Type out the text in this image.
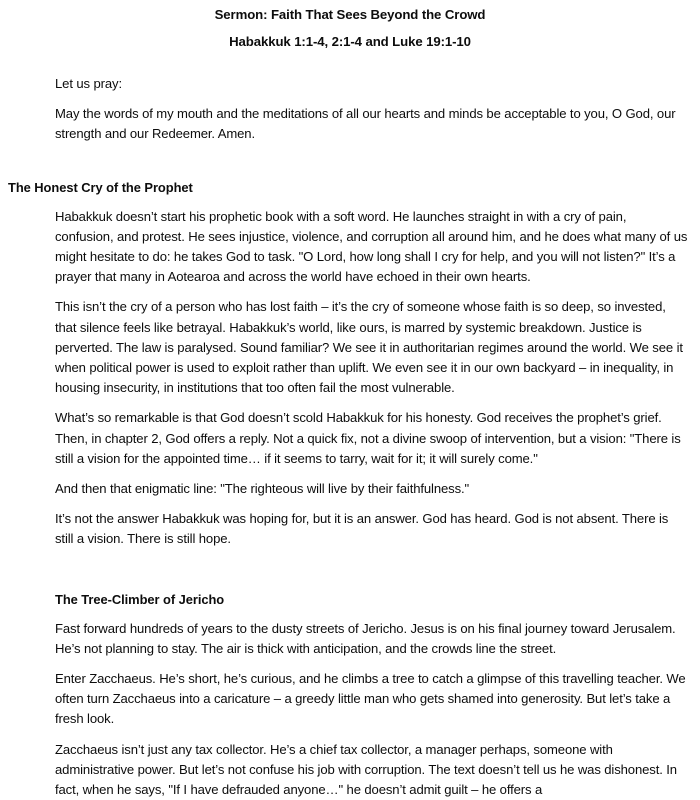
Sermon: Faith That Sees Beyond the Crowd
Habakkuk 1:1-4, 2:1-4 and Luke 19:1-10

Let us pray:

May the words of my mouth and the meditations of all our hearts and minds be acceptable to you, O God, our strength and our Redeemer. Amen.

The Honest Cry of the Prophet

Habakkuk doesn’t start his prophetic book with a soft word. He launches straight in with a cry of pain, confusion, and protest. He sees injustice, violence, and corruption all around him, and he does what many of us might hesitate to do: he takes God to task. "O Lord, how long shall I cry for help, and you will not listen?" It’s a prayer that many in Aotearoa and across the world have echoed in their own hearts.

This isn’t the cry of a person who has lost faith – it’s the cry of someone whose faith is so deep, so invested, that silence feels like betrayal. Habakkuk’s world, like ours, is marred by systemic breakdown. Justice is perverted. The law is paralysed. Sound familiar? We see it in authoritarian regimes around the world. We see it when political power is used to exploit rather than uplift. We even see it in our own backyard – in inequality, in housing insecurity, in institutions that too often fail the most vulnerable.

What’s so remarkable is that God doesn’t scold Habakkuk for his honesty. God receives the prophet’s grief. Then, in chapter 2, God offers a reply. Not a quick fix, not a divine swoop of intervention, but a vision: "There is still a vision for the appointed time… if it seems to tarry, wait for it; it will surely come."

And then that enigmatic line: "The righteous will live by their faithfulness."

It’s not the answer Habakkuk was hoping for, but it is an answer. God has heard. God is not absent. There is still a vision. There is still hope.

The Tree-Climber of Jericho

Fast forward hundreds of years to the dusty streets of Jericho. Jesus is on his final journey toward Jerusalem. He’s not planning to stay. The air is thick with anticipation, and the crowds line the street.

Enter Zacchaeus. He’s short, he’s curious, and he climbs a tree to catch a glimpse of this travelling teacher. We often turn Zacchaeus into a caricature – a greedy little man who gets shamed into generosity. But let’s take a fresh look.

Zacchaeus isn’t just any tax collector. He’s a chief tax collector, a manager perhaps, someone with administrative power. But let’s not confuse his job with corruption. The text doesn’t tell us he was dishonest. In fact, when he says, "If I have defrauded anyone…" he doesn’t admit guilt – he offers a
